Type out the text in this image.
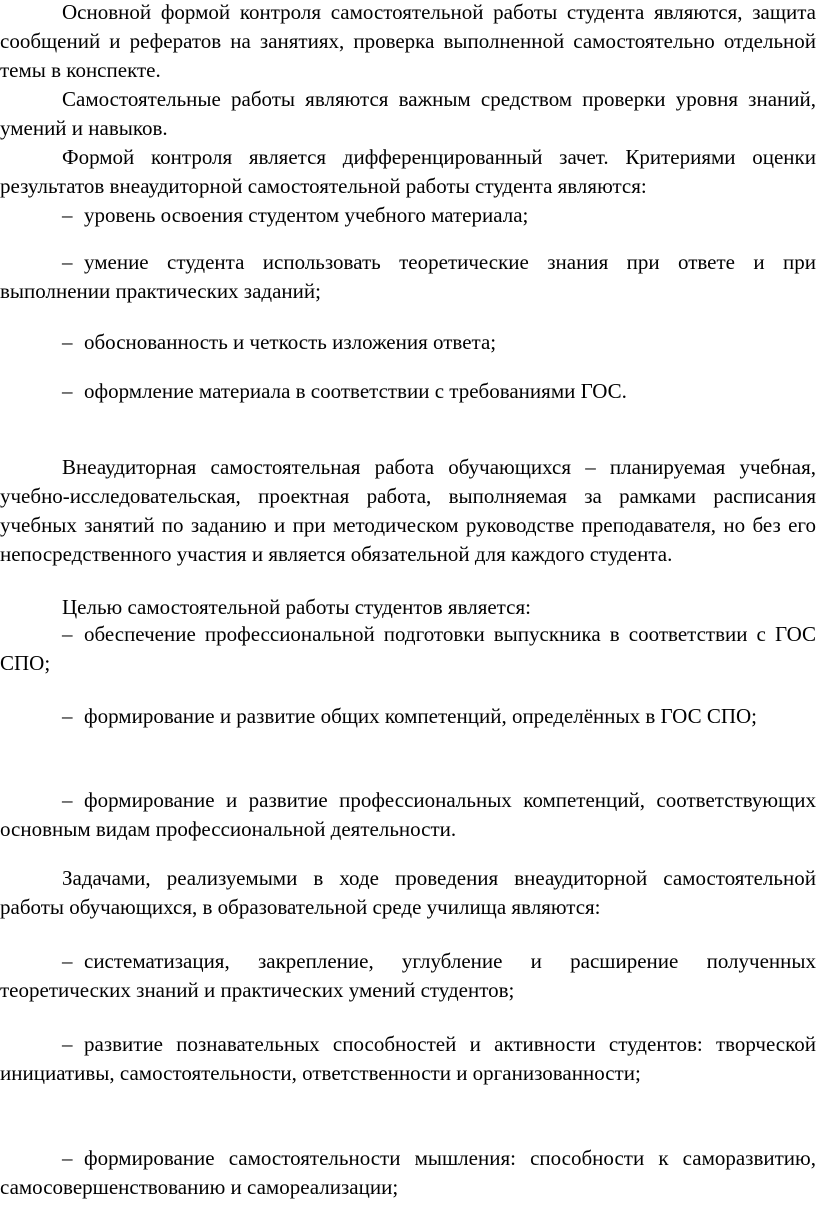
Основной формой контроля самостоятельной работы студента являются, защита сообщений и рефератов на занятиях, проверка выполненной самостоятельно отдельной темы в конспекте.

Самостоятельные работы являются важным средством проверки уровня знаний, умений и навыков.

Формой контроля является дифференцированный зачет. Критериями оценки результатов внеаудиторной самостоятельной работы студента являются:

– уровень освоения студентом учебного материала;

– умение студента использовать теоретические знания при ответе и при выполнении практических заданий;

– обоснованность и четкость изложения ответа;

– оформление материала в соответствии с требованиями ГОС.

Внеаудиторная самостоятельная работа обучающихся – планируемая учебная, учебно-исследовательская, проектная работа, выполняемая за рамками расписания учебных занятий по заданию и при методическом руководстве преподавателя, но без его непосредственного участия и является обязательной для каждого студента.

Целью самостоятельной работы студентов является:

– обеспечение профессиональной подготовки выпускника в соответствии с ГОС СПО;

– формирование и развитие общих компетенций, определённых в ГОС СПО;

– формирование и развитие профессиональных компетенций, соответствующих основным видам профессиональной деятельности.

Задачами, реализуемыми в ходе проведения внеаудиторной самостоятельной работы обучающихся, в образовательной среде училища являются:

– систематизация, закрепление, углубление и расширение полученных теоретических знаний и практических умений студентов;

– развитие познавательных способностей и активности студентов: творческой инициативы, самостоятельности, ответственности и организованности;

– формирование самостоятельности мышления: способности к саморазвитию, самосовершенствованию и самореализации;
